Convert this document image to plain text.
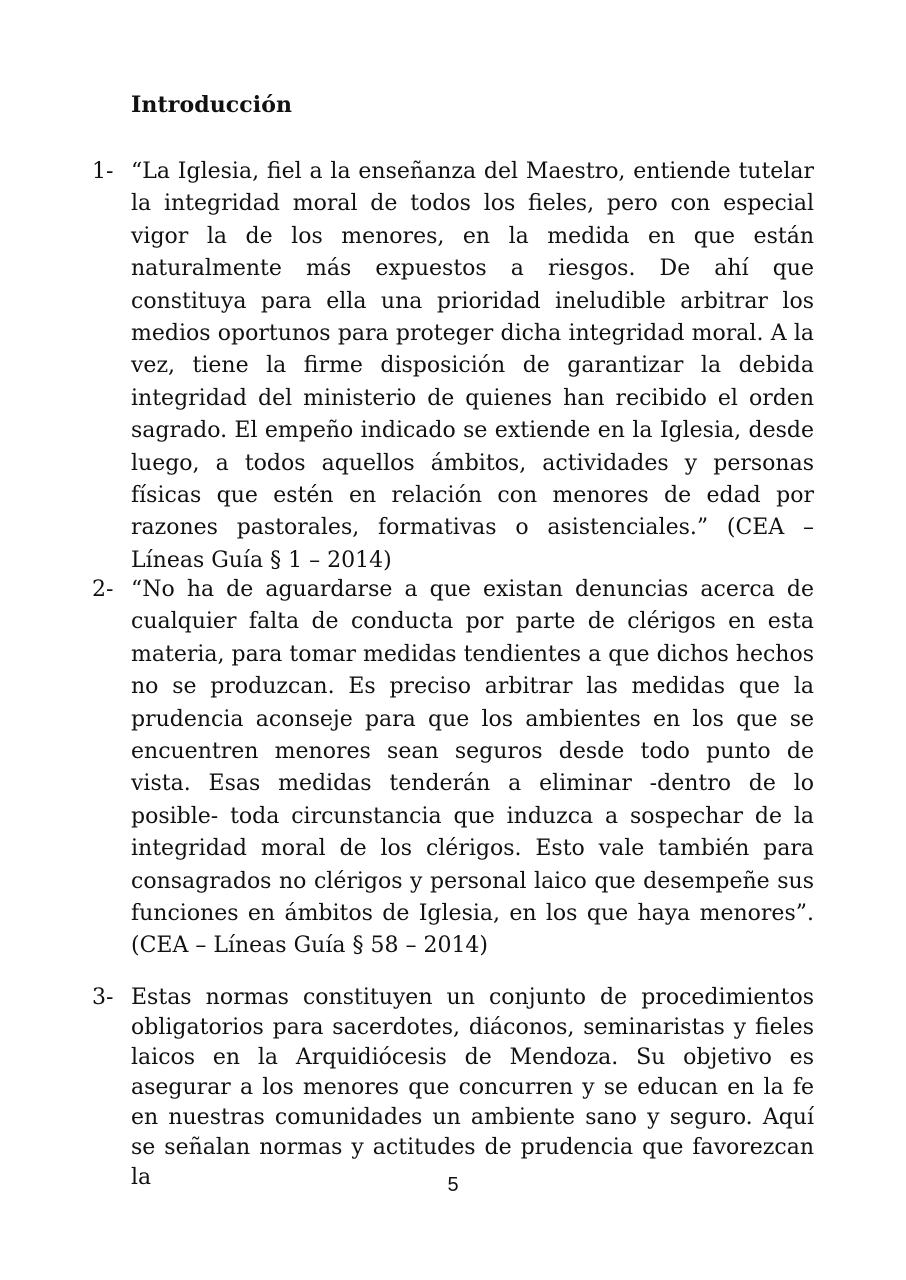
Introducción
1- “La Iglesia, fiel a la enseñanza del Maestro, entiende tutelar la integridad moral de todos los fieles, pero con especial vigor la de los menores, en la medida en que están naturalmente más expuestos a riesgos. De ahí que constituya para ella una prioridad ineludible arbitrar los medios oportunos para proteger dicha integridad moral. A la vez, tiene la firme disposición de garantizar la debida integridad del ministerio de quienes han recibido el orden sagrado. El empeño indicado se extiende en la Iglesia, desde luego, a todos aquellos ámbitos, actividades y personas físicas que estén en relación con menores de edad por razones pastorales, formativas o asistenciales.” (CEA – Líneas Guía § 1 – 2014)
2- “No ha de aguardarse a que existan denuncias acerca de cualquier falta de conducta por parte de clérigos en esta materia, para tomar medidas tendientes a que dichos hechos no se produzcan. Es preciso arbitrar las medidas que la prudencia aconseje para que los ambientes en los que se encuentren menores sean seguros desde todo punto de vista. Esas medidas tenderán a eliminar -dentro de lo posible- toda circunstancia que induzca a sospechar de la integridad moral de los clérigos. Esto vale también para consagrados no clérigos y personal laico que desempeñe sus funciones en ámbitos de Iglesia, en los que haya menores”. (CEA – Líneas Guía § 58 – 2014)
3- Estas normas constituyen un conjunto de procedimientos obligatorios para sacerdotes, diáconos, seminaristas y fieles laicos en la Arquidiócesis de Mendoza. Su objetivo es asegurar a los menores que concurren y se educan en la fe en nuestras comunidades un ambiente sano y seguro. Aquí se señalan normas y actitudes de prudencia que favorezcan la	5
